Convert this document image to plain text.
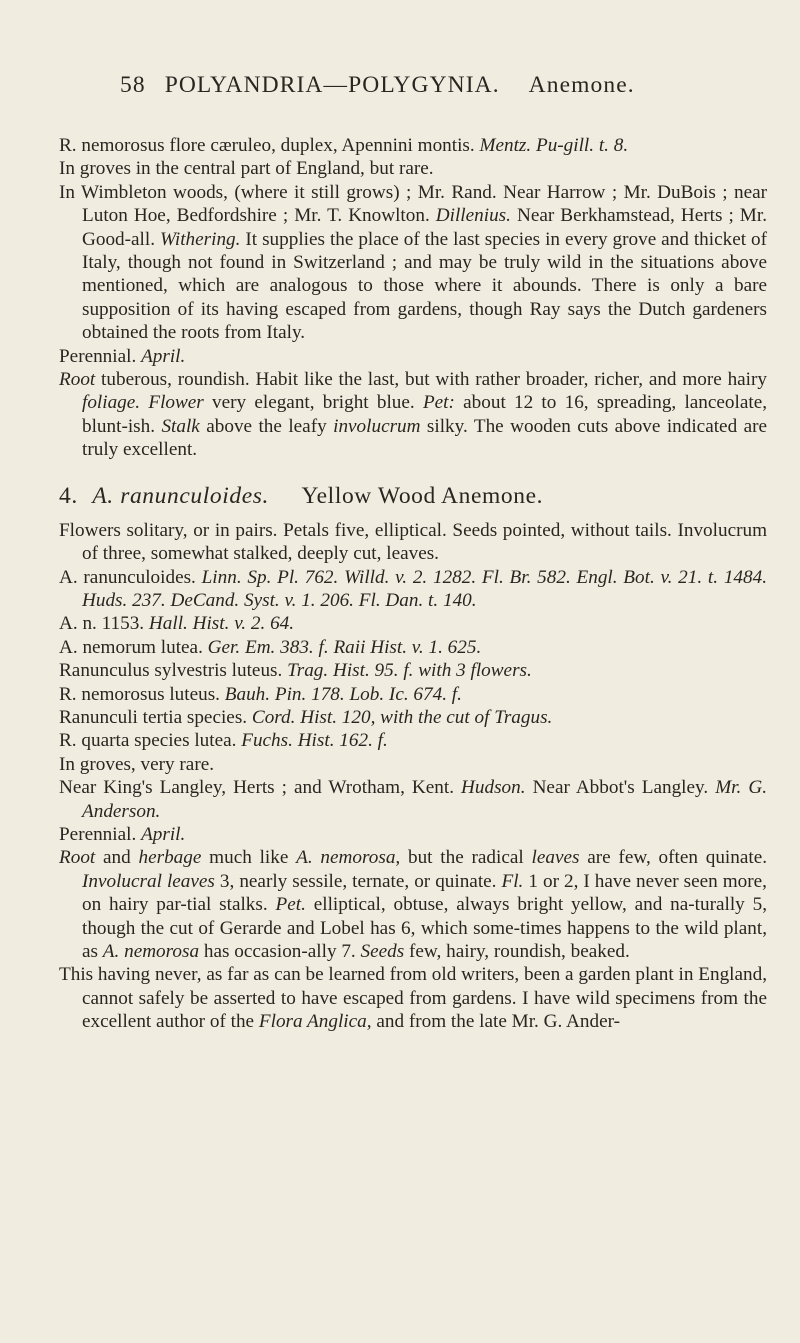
58 POLYANDRIA—POLYGYNIA. Anemone.

R. nemorosus flore cæruleo, duplex, Apennini montis. Mentz. Pu-gill. t. 8.

In groves in the central part of England, but rare.

In Wimbleton woods, (where it still grows) ; Mr. Rand. Near Harrow ; Mr. DuBois ; near Luton Hoe, Bedfordshire ; Mr. T. Knowlton. Dillenius. Near Berkhamstead, Herts ; Mr. Good-all. Withering. It supplies the place of the last species in every grove and thicket of Italy, though not found in Switzerland ; and may be truly wild in the situations above mentioned, which are analogous to those where it abounds. There is only a bare supposition of its having escaped from gardens, though Ray says the Dutch gardeners obtained the roots from Italy.

Perennial. April.

Root tuberous, roundish. Habit like the last, but with rather broader, richer, and more hairy foliage. Flower very elegant, bright blue. Pet: about 12 to 16, spreading, lanceolate, blunt-ish. Stalk above the leafy involucrum silky. The wooden cuts above indicated are truly excellent.

4. A. ranunculoides. Yellow Wood Anemone.

Flowers solitary, or in pairs. Petals five, elliptical. Seeds pointed, without tails. Involucrum of three, somewhat stalked, deeply cut, leaves.

A. ranunculoides. Linn. Sp. Pl. 762. Willd. v. 2. 1282. Fl. Br. 582. Engl. Bot. v. 21. t. 1484. Huds. 237. DeCand. Syst. v. 1. 206. Fl. Dan. t. 140.

A. n. 1153. Hall. Hist. v. 2. 64.

A. nemorum lutea. Ger. Em. 383. f. Raii Hist. v. 1. 625.

Ranunculus sylvestris luteus. Trag. Hist. 95. f. with 3 flowers.

R. nemorosus luteus. Bauh. Pin. 178. Lob. Ic. 674. f.

Ranunculi tertia species. Cord. Hist. 120, with the cut of Tragus.

R. quarta species lutea. Fuchs. Hist. 162. f.

In groves, very rare.

Near King's Langley, Herts ; and Wrotham, Kent. Hudson. Near Abbot's Langley. Mr. G. Anderson.

Perennial. April.

Root and herbage much like A. nemorosa, but the radical leaves are few, often quinate. Involucral leaves 3, nearly sessile, ternate, or quinate. Fl. 1 or 2, I have never seen more, on hairy par-tial stalks. Pet. elliptical, obtuse, always bright yellow, and na-turally 5, though the cut of Gerarde and Lobel has 6, which some-times happens to the wild plant, as A. nemorosa has occasion-ally 7. Seeds few, hairy, roundish, beaked.

This having never, as far as can be learned from old writers, been a garden plant in England, cannot safely be asserted to have escaped from gardens. I have wild specimens from the excellent author of the Flora Anglica, and from the late Mr. G. Ander-
